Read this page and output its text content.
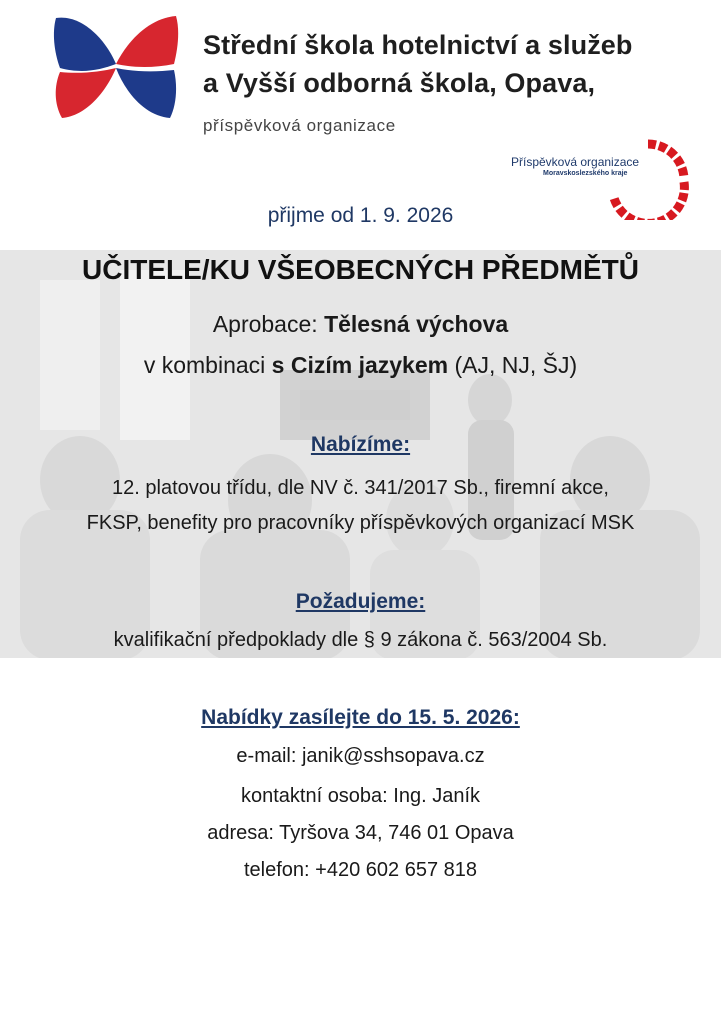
Střední škola hotelnictví a služeb
a Vyšší odborná škola, Opava,
příspěvková organizace
Příspěvková organizace
Moravskoslezského kraje
přijme od 1. 9. 2026
UČITELE/KU VŠEOBECNÝCH PŘEDMĚTŮ
Aprobace: Tělesná výchova
v kombinaci s Cizím jazykem (AJ, NJ, ŠJ)
Nabízíme:
12. platovou třídu, dle NV č. 341/2017 Sb., firemní akce,
FKSP, benefity pro pracovníky příspěvkových organizací MSK
Požadujeme:
kvalifikační předpoklady dle § 9 zákona č. 563/2004 Sb.
Nabídky zasílejte do 15. 5. 2026:
e-mail: janik@sshsopava.cz
kontaktní osoba: Ing. Janík
adresa: Tyršova 34, 746 01 Opava
telefon: +420 602 657 818
